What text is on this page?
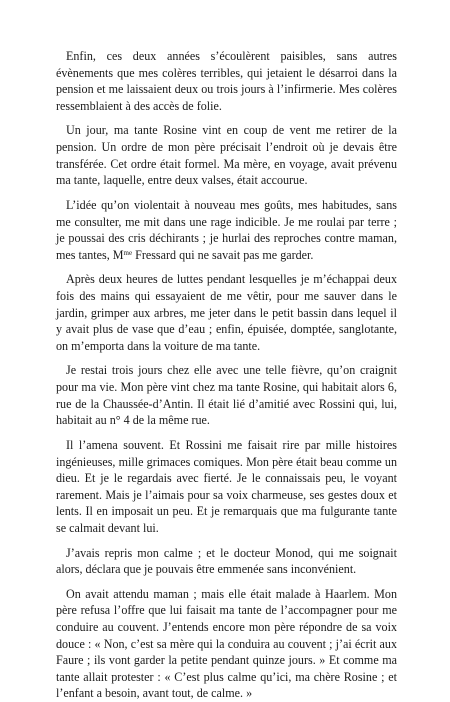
Enfin, ces deux années s’écoulèrent paisibles, sans autres évènements que mes colères terribles, qui jetaient le désarroi dans la pension et me laissaient deux ou trois jours à l’infirmerie. Mes colères ressemblaient à des accès de folie.

Un jour, ma tante Rosine vint en coup de vent me retirer de la pension. Un ordre de mon père précisait l’endroit où je devais être transférée. Cet ordre était formel. Ma mère, en voyage, avait prévenu ma tante, laquelle, entre deux valses, était accourue.

L’idée qu’on violentait à nouveau mes goûts, mes habitudes, sans me consulter, me mit dans une rage indicible. Je me roulai par terre ; je poussai des cris déchirants ; je hurlai des reproches contre maman, mes tantes, $M^{me}$ Fressard qui ne savait pas me garder.

Après deux heures de luttes pendant lesquelles je m’échappai deux fois des mains qui essayaient de me vêtir, pour me sauver dans le jardin, grimper aux arbres, me jeter dans le petit bassin dans lequel il y avait plus de vase que d’eau ; enfin, épuisée, domptée, sanglotante, on m’emporta dans la voiture de ma tante.

Je restai trois jours chez elle avec une telle fièvre, qu’on craignit pour ma vie. Mon père vint chez ma tante Rosine, qui habitait alors 6, rue de la Chaussée-d’Antin. Il était lié d’amitié avec Rossini qui, lui, habitait au n° 4 de la même rue.

Il l’amena souvent. Et Rossini me faisait rire par mille histoires ingénieuses, mille grimaces comiques. Mon père était beau comme un dieu. Et je le regardais avec fierté. Je le connaissais peu, le voyant rarement. Mais je l’aimais pour sa voix charmeuse, ses gestes doux et lents. Il en imposait un peu. Et je remarquais que ma fulgurante tante se calmait devant lui.

J’avais repris mon calme ; et le docteur Monod, qui me soignait alors, déclara que je pouvais être emmenée sans inconvénient.

On avait attendu maman ; mais elle était malade à Haarlem. Mon père refusa l’offre que lui faisait ma tante de l’accompagner pour me conduire au couvent. J’entends encore mon père répondre de sa voix douce : « Non, c’est sa mère qui la conduira au couvent ; j’ai écrit aux Faure ; ils vont garder la petite pendant quinze jours. » Et comme ma tante allait protester : « C’est plus calme qu’ici, ma chère Rosine ; et l’enfant a besoin, avant tout, de calme. »
